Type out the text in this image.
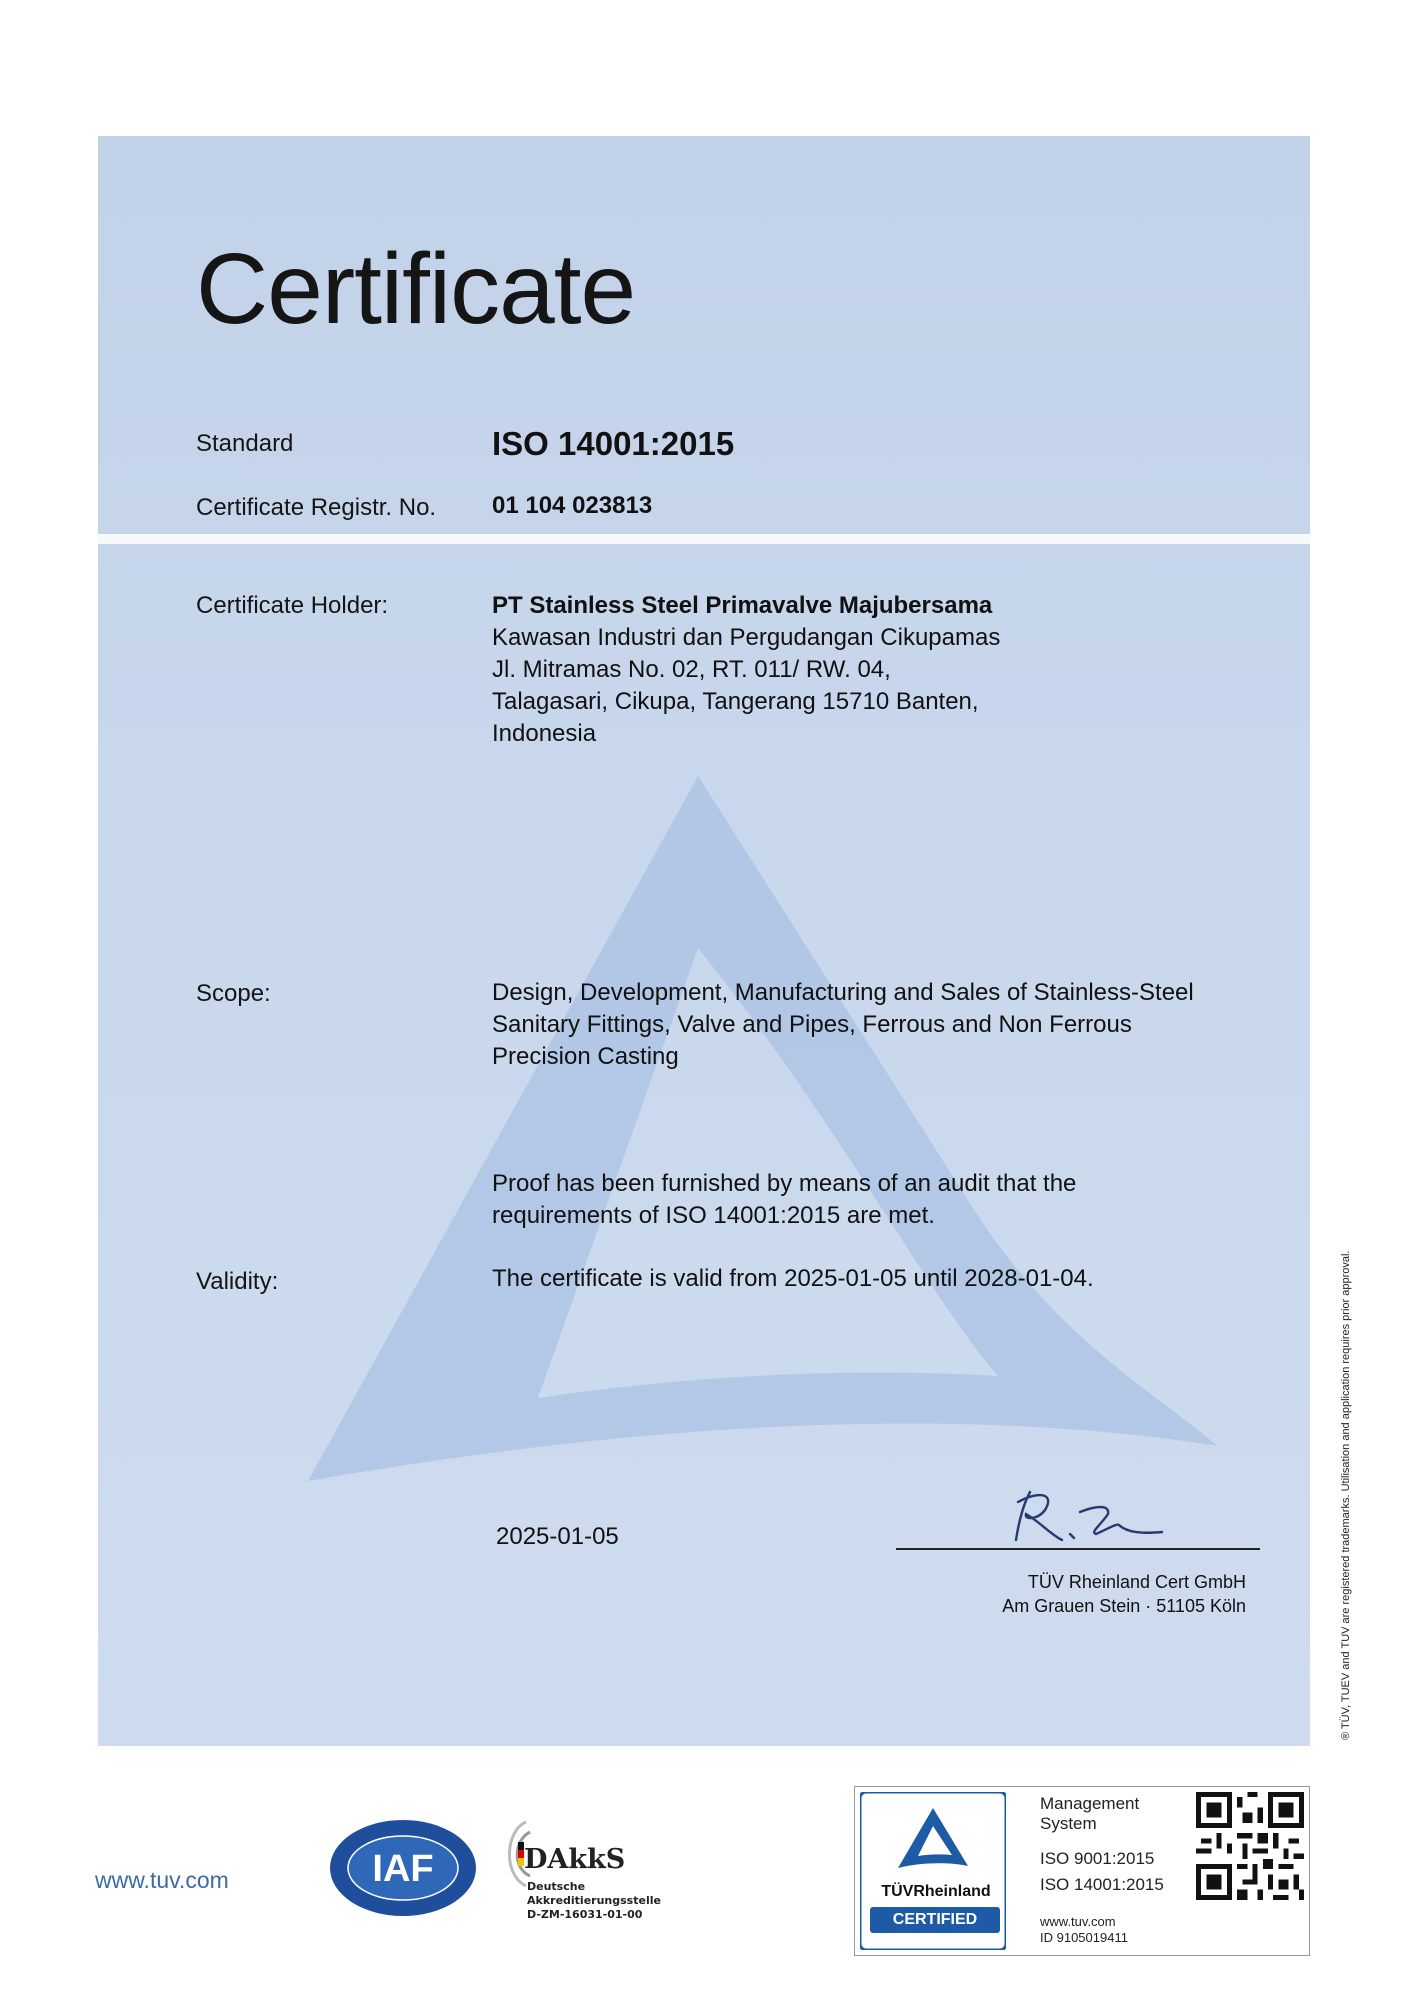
Certificate
Standard	ISO 14001:2015
Certificate Registr. No. 01 104 023813
Certificate Holder:	PT Stainless Steel Primavalve Majubersama
Kawasan Industri dan Pergudangan Cikupamas
Jl. Mitramas No. 02, RT. 011/ RW. 04,
Talagasari, Cikupa, Tangerang 15710 Banten,
Indonesia
Scope:	Design, Development, Manufacturing and Sales of Stainless-Steel
Sanitary Fittings, Valve and Pipes, Ferrous and Non Ferrous
Precision Casting
Proof has been furnished by means of an audit that the
requirements of ISO 14001:2015 are met.
Validity:	The certificate is valid from 2025-01-05 until 2028-01-04.
2025-01-05
TÜV Rheinland Cert GmbH
Am Grauen Stein · 51105 Köln	® TÜV, TUEV and TUV are registered trademarks. Utilisation and application requires prior approval.
www.tuv.com	IAF	DAkkS
Deutsche
Akkreditierungsstelle
D-ZM-16031-01-00
TÜVRheinland
CERTIFIED
Management
System
ISO 9001:2015
ISO 14001:2015
www.tuv.com
ID 9105019411
